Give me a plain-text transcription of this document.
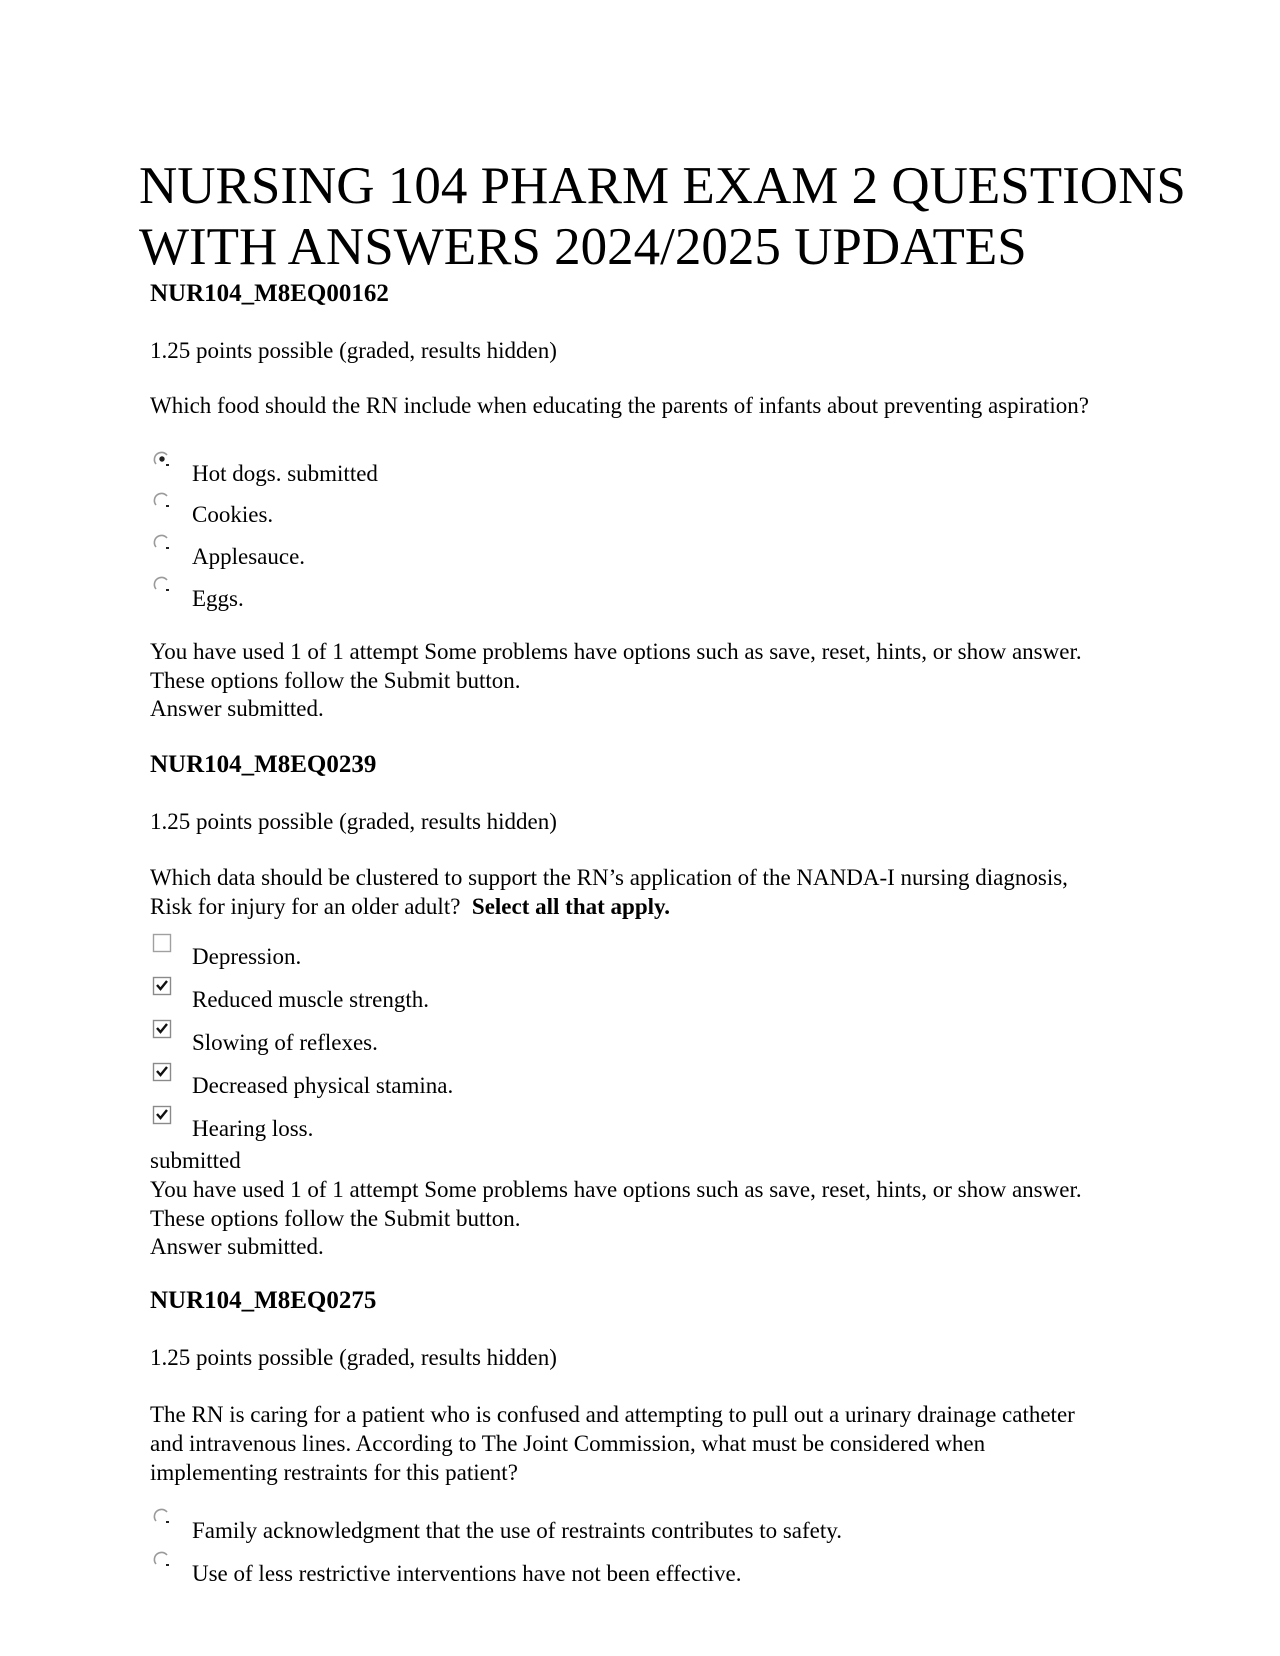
NURSING 104 PHARM EXAM 2 QUESTIONS
WITH ANSWERS 2024/2025 UPDATES
NUR104_M8EQ00162
1.25 points possible (graded, results hidden)
Which food should the RN include when educating the parents of infants about preventing aspiration?
Hot dogs. submitted
Cookies.
Applesauce.
Eggs.
You have used 1 of 1 attempt Some problems have options such as save, reset, hints, or show answer. These options follow the Submit button.
Answer submitted.
NUR104_M8EQ0239
1.25 points possible (graded, results hidden)
Which data should be clustered to support the RN’s application of the NANDA-I nursing diagnosis, Risk for injury for an older adult? Select all that apply.
Depression.
Reduced muscle strength.
Slowing of reflexes.
Decreased physical stamina.
Hearing loss.
submitted
You have used 1 of 1 attempt Some problems have options such as save, reset, hints, or show answer. These options follow the Submit button.
Answer submitted.
NUR104_M8EQ0275
1.25 points possible (graded, results hidden)
The RN is caring for a patient who is confused and attempting to pull out a urinary drainage catheter and intravenous lines. According to The Joint Commission, what must be considered when implementing restraints for this patient?
Family acknowledgment that the use of restraints contributes to safety.
Use of less restrictive interventions have not been effective.
